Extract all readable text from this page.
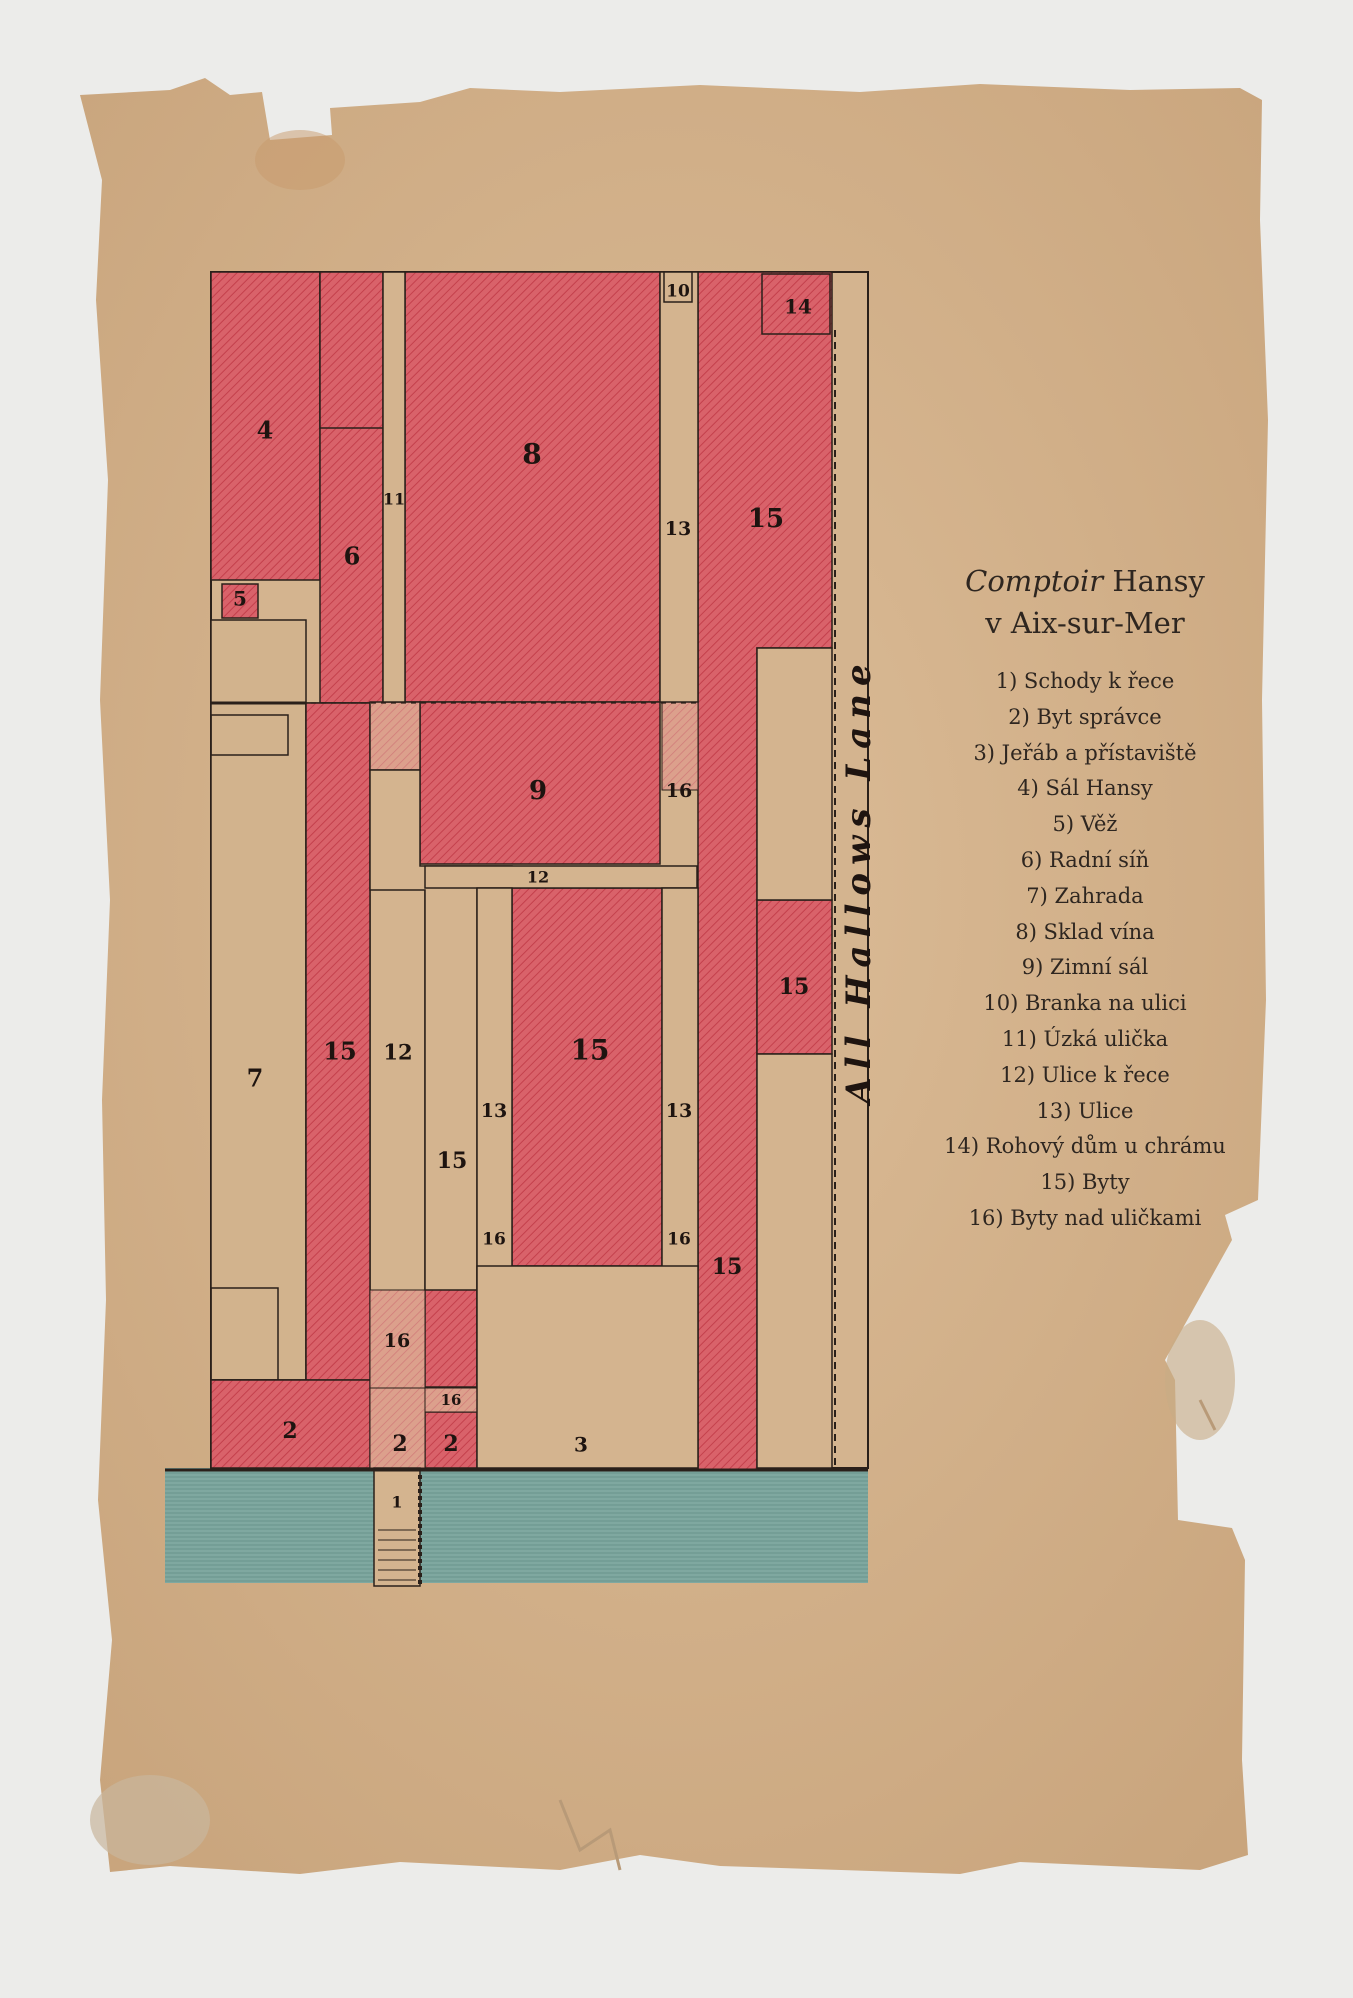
1
2	2 2	3
4
5
6
7
8
9
10
11
12
12
13
13	13
14
15
15
15
15
15
15
16
16	16
16
16
All Hallows Lane
Comptoir Hansy
v Aix-sur-Mer
1) Schody k řece
2) Byt správce
3) Jeřáb a přístaviště
4) Sál Hansy
5) Věž
6) Radní síň
7) Zahrada
8) Sklad vína
9) Zimní sál
10) Branka na ulici
11) Úzká ulička
12) Ulice k řece
13) Ulice
14) Rohový dům u chrámu
15) Byty
16) Byty nad uličkami
